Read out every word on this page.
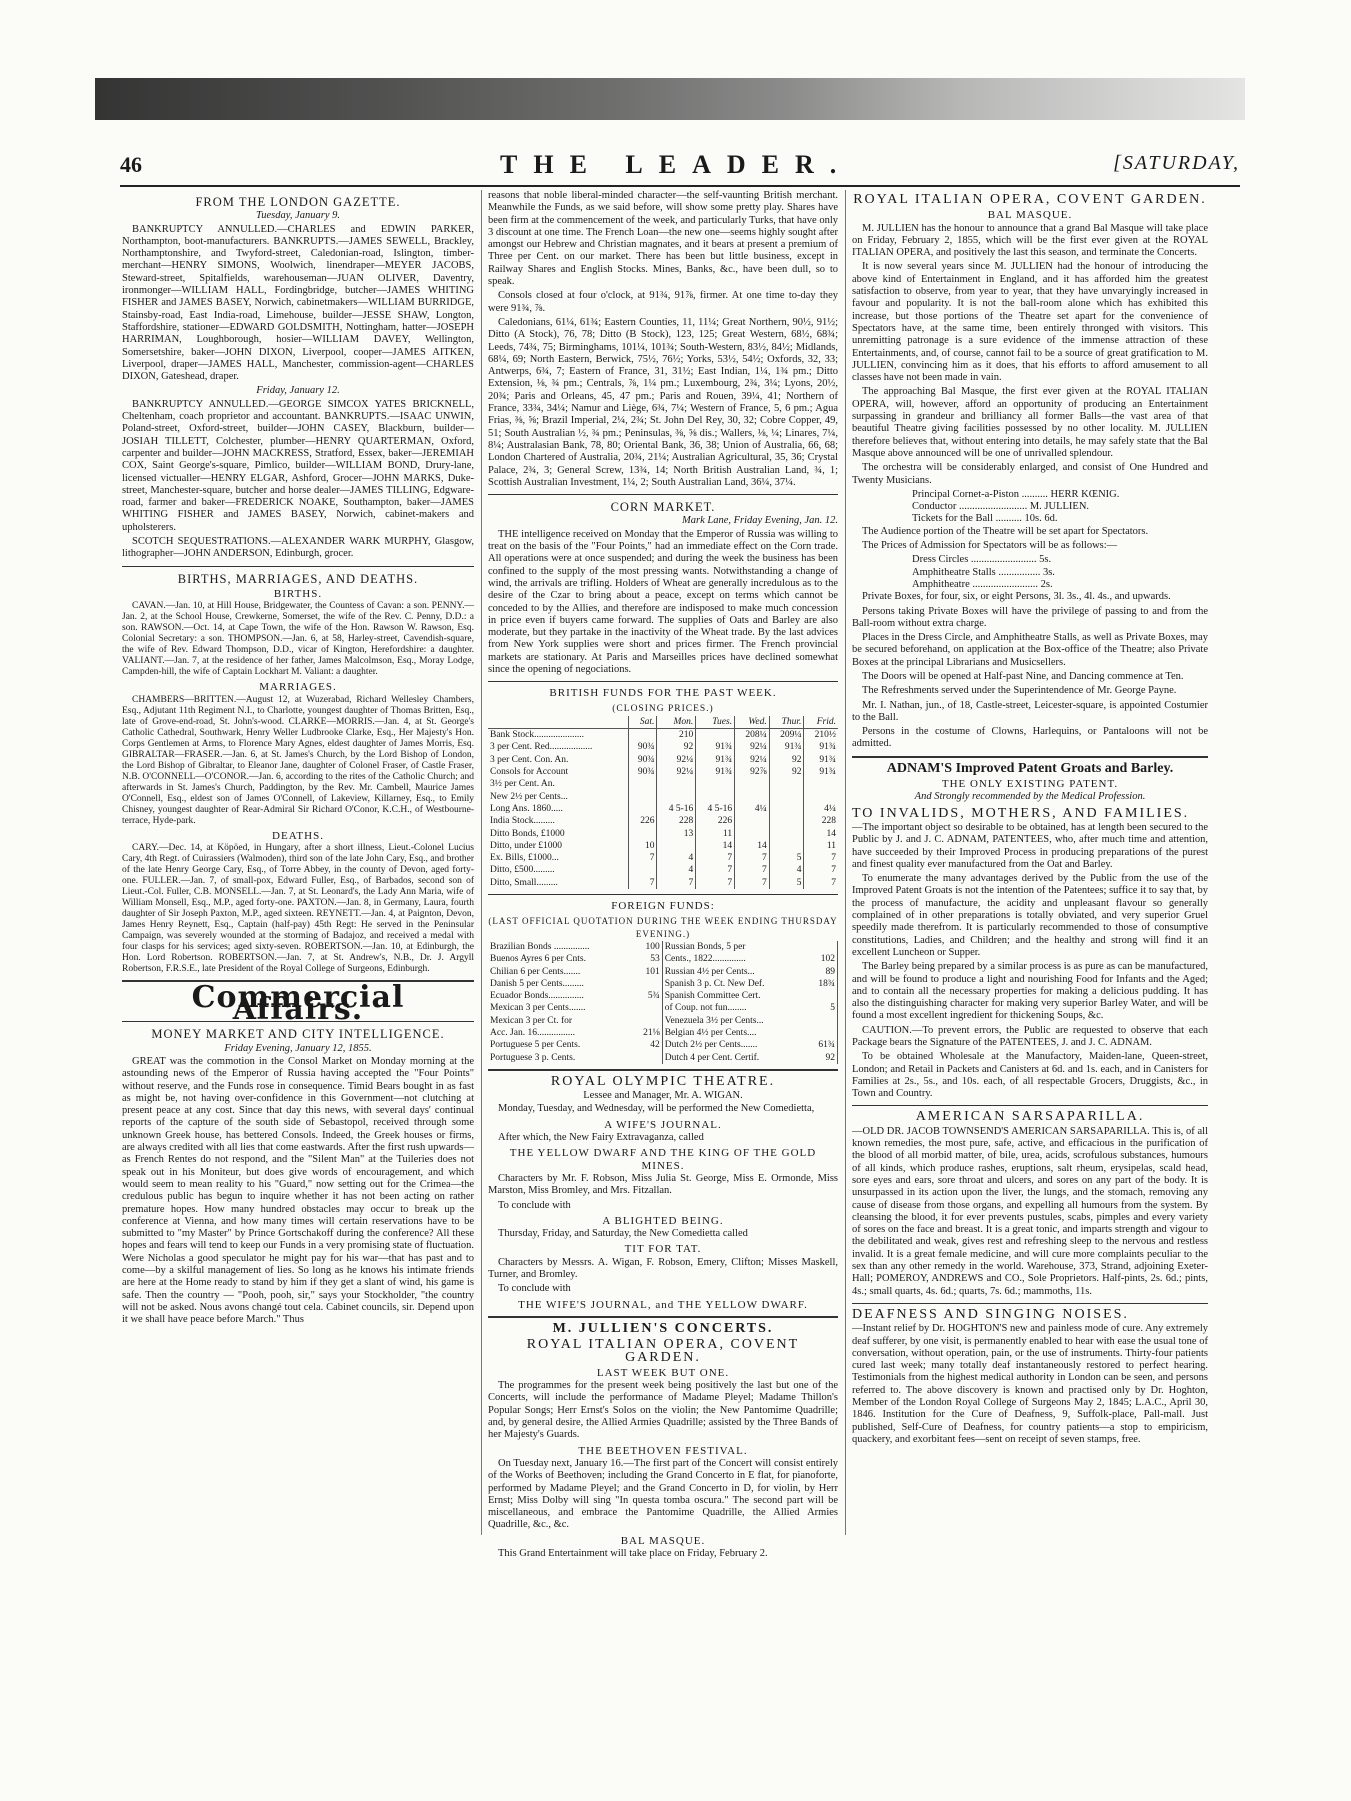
46	THE LEADER.	[SATURDAY,
FROM THE LONDON GAZETTE.
Tuesday, January 9.

BANKRUPTCY ANNULLED.—CHARLES and EDWIN PARKER, Northampton, boot-manufacturers. BANKRUPTS.—JAMES SEWELL, Brackley, Northamptonshire, and Twyford-street, Caledonian-road, Islington, timber-merchant—HENRY SIMONS, Woolwich, linendraper—MEYER JACOBS, Steward-street, Spitalfields, warehouseman—JUAN OLIVER, Daventry, ironmonger—WILLIAM HALL, Fordingbridge, butcher—JAMES WHITING FISHER and JAMES BASEY, Norwich, cabinetmakers—WILLIAM BURRIDGE, Stainsby-road, East India-road, Limehouse, builder—JESSE SHAW, Longton, Staffordshire, stationer—EDWARD GOLDSMITH, Nottingham, hatter—JOSEPH HARRIMAN, Loughborough, hosier—WILLIAM DAVEY, Wellington, Somersetshire, baker—JOHN DIXON, Liverpool, cooper—JAMES AITKEN, Liverpool, draper—JAMES HALL, Manchester, commission-agent—CHARLES DIXON, Gateshead, draper.

Friday, January 12.

BANKRUPTCY ANNULLED.—GEORGE SIMCOX YATES BRICKNELL, Cheltenham, coach proprietor and accountant. BANKRUPTS.—ISAAC UNWIN, Poland-street, Oxford-street, builder—JOHN CASEY, Blackburn, builder—JOSIAH TILLETT, Colchester, plumber—HENRY QUARTERMAN, Oxford, carpenter and builder—JOHN MACKRESS, Stratford, Essex, baker—JEREMIAH COX, Saint George's-square, Pimlico, builder—WILLIAM BOND, Drury-lane, licensed victualler—HENRY ELGAR, Ashford, Grocer—JOHN MARKS, Duke-street, Manchester-square, butcher and horse dealer—JAMES TILLING, Edgware-road, farmer and baker—FREDERICK NOAKE, Southampton, baker—JAMES WHITING FISHER and JAMES BASEY, Norwich, cabinet-makers and upholsterers.

SCOTCH SEQUESTRATIONS.—ALEXANDER WARK MURPHY, Glasgow, lithographer—JOHN ANDERSON, Edinburgh, grocer.

BIRTHS, MARRIAGES, AND DEATHS.
BIRTHS.

CAVAN.—Jan. 10, at Hill House, Bridgewater, the Countess of Cavan: a son. PENNY.—Jan. 2, at the School House, Crewkerne, Somerset, the wife of the Rev. C. Penny, D.D.: a son. RAWSON.—Oct. 14, at Cape Town, the wife of the Hon. Rawson W. Rawson, Esq. Colonial Secretary: a son. THOMPSON.—Jan. 6, at 58, Harley-street, Cavendish-square, the wife of Rev. Edward Thompson, D.D., vicar of Kington, Herefordshire: a daughter. VALIANT.—Jan. 7, at the residence of her father, James Malcolmson, Esq., Moray Lodge, Campden-hill, the wife of Captain Lockhart M. Valiant: a daughter.

MARRIAGES.

CHAMBERS—BRITTEN.—August 12, at Wuzerabad, Richard Wellesley Chambers, Esq., Adjutant 11th Regiment N.I., to Charlotte, youngest daughter of Thomas Britten, Esq., late of Grove-end-road, St. John's-wood. CLARKE—MORRIS.—Jan. 4, at St. George's Catholic Cathedral, Southwark, Henry Weller Ludbrooke Clarke, Esq., Her Majesty's Hon. Corps Gentlemen at Arms, to Florence Mary Agnes, eldest daughter of James Morris, Esq. GIBRALTAR—FRASER.—Jan. 6, at St. James's Church, by the Lord Bishop of London, the Lord Bishop of Gibraltar, to Eleanor Jane, daughter of Colonel Fraser, of Castle Fraser, N.B. O'CONNELL—O'CONOR.—Jan. 6, according to the rites of the Catholic Church; and afterwards in St. James's Church, Paddington, by the Rev. Mr. Cambell, Maurice James O'Connell, Esq., eldest son of James O'Connell, of Lakeview, Killarney, Esq., to Emily Chisney, youngest daughter of Rear-Admiral Sir Richard O'Conor, K.C.H., of Westbourne-terrace, Hyde-park.

DEATHS.

CARY.—Dec. 14, at Köpöed, in Hungary, after a short illness, Lieut.-Colonel Lucius Cary, 4th Regt. of Cuirassiers (Walmoden), third son of the late John Cary, Esq., and brother of the late Henry George Cary, Esq., of Torre Abbey, in the county of Devon, aged forty-one. FULLER.—Jan. 7, of small-pox, Edward Fuller, Esq., of Barbados, second son of Lieut.-Col. Fuller, C.B. MONSELL.—Jan. 7, at St. Leonard's, the Lady Ann Maria, wife of William Monsell, Esq., M.P., aged forty-one. PAXTON.—Jan. 8, in Germany, Laura, fourth daughter of Sir Joseph Paxton, M.P., aged sixteen. REYNETT.—Jan. 4, at Paignton, Devon, James Henry Reynett, Esq., Captain (half-pay) 45th Regt: He served in the Peninsular Campaign, was severely wounded at the storming of Badajoz, and received a medal with four clasps for his services; aged sixty-seven. ROBERTSON.—Jan. 10, at Edinburgh, the Hon. Lord Robertson. ROBERTSON.—Jan. 7, at St. Andrew's, N.B., Dr. J. Argyll Robertson, F.R.S.E., late President of the Royal College of Surgeons, Edinburgh.

Commercial Affairs.
MONEY MARKET AND CITY INTELLIGENCE.
Friday Evening, January 12, 1855.

GREAT was the commotion in the Consol Market on Monday morning at the astounding news of the Emperor of Russia having accepted the "Four Points" without reserve, and the Funds rose in consequence. Timid Bears bought in as fast as might be, not having over-confidence in this Government—not clutching at present peace at any cost. Since that day this news, with several days' continual reports of the capture of the south side of Sebastopol, received through some unknown Greek house, has bettered Consols. Indeed, the Greek houses or firms, are always credited with all lies that come eastwards. After the first rush upwards—as French Rentes do not respond, and the "Silent Man" at the Tuileries does not speak out in his Moniteur, but does give words of encouragement, and which would seem to mean reality to his "Guard," now setting out for the Crimea—the credulous public has begun to inquire whether it has not been acting on rather premature hopes. How many hundred obstacles may occur to break up the conference at Vienna, and how many times will certain reservations have to be submitted to "my Master" by Prince Gortschakoff during the conference? All these hopes and fears will tend to keep our Funds in a very promising state of fluctuation. Were Nicholas a good speculator he might pay for his war—that has past and to come—by a skilful management of lies. So long as he knows his intimate friends are here at the Home ready to stand by him if they get a slant of wind, his game is safe. Then the country — "Pooh, pooh, sir," says your Stockholder, "the country will not be asked. Nous avons changé tout cela. Cabinet councils, sir. Depend upon it we shall have peace before March." Thus

reasons that noble liberal-minded character—the self-vaunting British merchant. Meanwhile the Funds, as we said before, will show some pretty play. Shares have been firm at the commencement of the week, and particularly Turks, that have only 3 discount at one time. The French Loan—the new one—seems highly sought after amongst our Hebrew and Christian magnates, and it bears at present a premium of Three per Cent. on our market. There has been but little business, except in Railway Shares and English Stocks. Mines, Banks, &c., have been dull, so to speak.

Consols closed at four o'clock, at 91¾, 91⅞, firmer. At one time to-day they were 91¾, ⅞.

Caledonians, 61¼, 61¾; Eastern Counties, 11, 11¼; Great Northern, 90½, 91½; Ditto (A Stock), 76, 78; Ditto (B Stock), 123, 125; Great Western, 68½, 68¾; Leeds, 74¾, 75; Birminghams, 101¼, 101¾; South-Western, 83½, 84½; Midlands, 68¼, 69; North Eastern, Berwick, 75½, 76½; Yorks, 53½, 54½; Oxfords, 32, 33; Antwerps, 6¾, 7; Eastern of France, 31, 31½; East Indian, 1¼, 1¾ pm.; Ditto Extension, ⅛, ¾ pm.; Centrals, ⅞, 1¼ pm.; Luxembourg, 2¾, 3¼; Lyons, 20½, 20¾; Paris and Orleans, 45, 47 pm.; Paris and Rouen, 39¼, 41; Northern of France, 33¾, 34¼; Namur and Liège, 6¾, 7¼; Western of France, 5, 6 pm.; Agua Frias, ⅜, ⅝; Brazil Imperial, 2¼, 2¾; St. John Del Rey, 30, 32; Cobre Copper, 49, 51; South Australian ½, ¾ pm.; Peninsulas, ⅜, ⅝ dis.; Wallers, ⅛, ¼; Linares, 7¼, 8¼; Australasian Bank, 78, 80; Oriental Bank, 36, 38; Union of Australia, 66, 68; London Chartered of Australia, 20¾, 21¼; Australian Agricultural, 35, 36; Crystal Palace, 2¾, 3; General Screw, 13¾, 14; North British Australian Land, ¾, 1; Scottish Australian Investment, 1¼, 2; South Australian Land, 36¼, 37¼.

CORN MARKET.
Mark Lane, Friday Evening, Jan. 12.

THE intelligence received on Monday that the Emperor of Russia was willing to treat on the basis of the "Four Points," had an immediate effect on the Corn trade. All operations were at once suspended; and during the week the business has been confined to the supply of the most pressing wants. Notwithstanding a change of wind, the arrivals are trifling. Holders of Wheat are generally incredulous as to the desire of the Czar to bring about a peace, except on terms which cannot be conceded to by the Allies, and therefore are indisposed to make much concession in price even if buyers came forward. The supplies of Oats and Barley are also moderate, but they partake in the inactivity of the Wheat trade. By the last advices from New York supplies were short and prices firmer. The French provincial markets are stationary. At Paris and Marseilles prices have declined somewhat since the opening of negociations.

BRITISH FUNDS FOR THE PAST WEEK.
(CLOSING PRICES.)
	Sat.	Mon.	Tues.	Wed.	Thur.	Frid.
Bank Stock.....................		210		208¼	209¼	210½
3 per Cent. Red..................	90¾	92	91¾	92¼	91¾	91¾
3 per Cent. Con. An.	90¾	92¼	91¾	92¼	92	91¾
Consols for Account	90¾	92¼	91¾	92⅞	92	91¾
3½ per Cent. An.						
New 2½ per Cents...						
Long Ans. 1860.....		4 5-16	4 5-16	4¼		4¼
India Stock.........	226	228	226			228
Ditto Bonds, £1000		13	11			14
Ditto, under £1000	10		14	14		11
Ex. Bills, £1000...	7	4	7	7	5	7
Ditto, £500.........		4	7	7	4	7
Ditto, Small.........	7	7	7	7	5	7
FOREIGN FUNDS:
(LAST OFFICIAL QUOTATION DURING THE WEEK ENDING THURSDAY EVENING.)
Brazilian Bonds ...............	100	Russian Bonds, 5 per	
Buenos Ayres 6 per Cnts.	53	Cents., 1822..............	102
Chilian 6 per Cents.......	101	Russian 4½ per Cents...	89
Danish 5 per Cents.........		Spanish 3 p. Ct. New Def.	18¾
Ecuador Bonds...............	5¾	Spanish Committee Cert.	
Mexican 3 per Cents.......		of Coup. not fun........	5
Mexican 3 per Ct. for		Venezuela 3½ per Cents...	
Acc. Jan. 16................	21⅛	Belgian 4½ per Cents....	
Portuguese 5 per Cents.	42	Dutch 2½ per Cents.......	61¾
Portuguese 3 p. Cents.		Dutch 4 per Cent. Certif.	92
ROYAL OLYMPIC THEATRE.
Lessee and Manager, Mr. A. WIGAN.

Monday, Tuesday, and Wednesday, will be performed the New Comedietta,

A WIFE'S JOURNAL.

After which, the New Fairy Extravaganza, called

THE YELLOW DWARF AND THE KING OF THE GOLD MINES.

Characters by Mr. F. Robson, Miss Julia St. George, Miss E. Ormonde, Miss Marston, Miss Bromley, and Mrs. Fitzallan.

To conclude with

A BLIGHTED BEING.

Thursday, Friday, and Saturday, the New Comedietta called

TIT FOR TAT.

Characters by Messrs. A. Wigan, F. Robson, Emery, Clifton; Misses Maskell, Turner, and Bromley.

To conclude with

THE WIFE'S JOURNAL, and THE YELLOW DWARF.
M. JULLIEN'S CONCERTS.
ROYAL ITALIAN OPERA, COVENT GARDEN.
LAST WEEK BUT ONE.

The programmes for the present week being positively the last but one of the Concerts, will include the performance of Madame Pleyel; Madame Thillon's Popular Songs; Herr Ernst's Solos on the violin; the New Pantomime Quadrille; and, by general desire, the Allied Armies Quadrille; assisted by the Three Bands of her Majesty's Guards.

THE BEETHOVEN FESTIVAL.

On Tuesday next, January 16.—The first part of the Concert will consist entirely of the Works of Beethoven; including the Grand Concerto in E flat, for pianoforte, performed by Madame Pleyel; and the Grand Concerto in D, for violin, by Herr Ernst; Miss Dolby will sing "In questa tomba oscura." The second part will be miscellaneous, and embrace the Pantomime Quadrille, the Allied Armies Quadrille, &c., &c.

BAL MASQUE.

This Grand Entertainment will take place on Friday, February 2.

ROYAL ITALIAN OPERA, COVENT GARDEN.
BAL MASQUE.

M. JULLIEN has the honour to announce that a grand Bal Masque will take place on Friday, February 2, 1855, which will be the first ever given at the ROYAL ITALIAN OPERA, and positively the last this season, and terminate the Concerts.

It is now several years since M. JULLIEN had the honour of introducing the above kind of Entertainment in England, and it has afforded him the greatest satisfaction to observe, from year to year, that they have unvaryingly increased in favour and popularity. It is not the ball-room alone which has exhibited this increase, but those portions of the Theatre set apart for the convenience of Spectators have, at the same time, been entirely thronged with visitors. This unremitting patronage is a sure evidence of the immense attraction of these Entertainments, and, of course, cannot fail to be a source of great gratification to M. JULLIEN, convincing him as it does, that his efforts to afford amusement to all classes have not been made in vain.

The approaching Bal Masque, the first ever given at the ROYAL ITALIAN OPERA, will, however, afford an opportunity of producing an Entertainment surpassing in grandeur and brilliancy all former Balls—the vast area of that beautiful Theatre giving facilities possessed by no other locality. M. JULLIEN therefore believes that, without entering into details, he may safely state that the Bal Masque above announced will be one of unrivalled splendour.

The orchestra will be considerably enlarged, and consist of One Hundred and Twenty Musicians.

Principal Cornet-a-Piston .......... HERR KŒNIG.
Conductor .......................... M. JULLIEN.
Tickets for the Ball .......... 10s. 6d.

The Audience portion of the Theatre will be set apart for Spectators.

The Prices of Admission for Spectators will be as follows:—

Dress Circles ......................... 5s.
Amphitheatre Stalls ................ 3s.
Amphitheatre ......................... 2s.

Private Boxes, for four, six, or eight Persons, 3l. 3s., 4l. 4s., and upwards.

Persons taking Private Boxes will have the privilege of passing to and from the Ball-room without extra charge.

Places in the Dress Circle, and Amphitheatre Stalls, as well as Private Boxes, may be secured beforehand, on application at the Box-office of the Theatre; also Private Boxes at the principal Librarians and Musicsellers.

The Doors will be opened at Half-past Nine, and Dancing commence at Ten.

The Refreshments served under the Superintendence of Mr. George Payne.

Mr. I. Nathan, jun., of 18, Castle-street, Leicester-square, is appointed Costumier to the Ball.

Persons in the costume of Clowns, Harlequins, or Pantaloons will not be admitted.

ADNAM'S Improved Patent Groats and Barley.
THE ONLY EXISTING PATENT.
And Strongly recommended by the Medical Profession.
TO INVALIDS, MOTHERS, AND FAMILIES.

—The important object so desirable to be obtained, has at length been secured to the Public by J. and J. C. ADNAM, PATENTEES, who, after much time and attention, have succeeded by their Improved Process in producing preparations of the purest and finest quality ever manufactured from the Oat and Barley.

To enumerate the many advantages derived by the Public from the use of the Improved Patent Groats is not the intention of the Patentees; suffice it to say that, by the process of manufacture, the acidity and unpleasant flavour so generally complained of in other preparations is totally obviated, and very superior Gruel speedily made therefrom. It is particularly recommended to those of consumptive constitutions, Ladies, and Children; and the healthy and strong will find it an excellent Luncheon or Supper.

The Barley being prepared by a similar process is as pure as can be manufactured, and will be found to produce a light and nourishing Food for Infants and the Aged; and to contain all the necessary properties for making a delicious pudding. It has also the distinguishing character for making very superior Barley Water, and will be found a most excellent ingredient for thickening Soups, &c.

CAUTION.—To prevent errors, the Public are requested to observe that each Package bears the Signature of the PATENTEES, J. and J. C. ADNAM.

To be obtained Wholesale at the Manufactory, Maiden-lane, Queen-street, London; and Retail in Packets and Canisters at 6d. and 1s. each, and in Canisters for Families at 2s., 5s., and 10s. each, of all respectable Grocers, Druggists, &c., in Town and Country.

AMERICAN SARSAPARILLA.

—OLD DR. JACOB TOWNSEND'S AMERICAN SARSAPARILLA. This is, of all known remedies, the most pure, safe, active, and efficacious in the purification of the blood of all morbid matter, of bile, urea, acids, scrofulous substances, humours of all kinds, which produce rashes, eruptions, salt rheum, erysipelas, scald head, sore eyes and ears, sore throat and ulcers, and sores on any part of the body. It is unsurpassed in its action upon the liver, the lungs, and the stomach, removing any cause of disease from those organs, and expelling all humours from the system. By cleansing the blood, it for ever prevents pustules, scabs, pimples and every variety of sores on the face and breast. It is a great tonic, and imparts strength and vigour to the debilitated and weak, gives rest and refreshing sleep to the nervous and restless invalid. It is a great female medicine, and will cure more complaints peculiar to the sex than any other remedy in the world. Warehouse, 373, Strand, adjoining Exeter-Hall; POMEROY, ANDREWS and CO., Sole Proprietors. Half-pints, 2s. 6d.; pints, 4s.; small quarts, 4s. 6d.; quarts, 7s. 6d.; mammoths, 11s.

DEAFNESS AND SINGING NOISES.

—Instant relief by Dr. HOGHTON'S new and painless mode of cure. Any extremely deaf sufferer, by one visit, is permanently enabled to hear with ease the usual tone of conversation, without operation, pain, or the use of instruments. Thirty-four patients cured last week; many totally deaf instantaneously restored to perfect hearing. Testimonials from the highest medical authority in London can be seen, and persons referred to. The above discovery is known and practised only by Dr. Hoghton, Member of the London Royal College of Surgeons May 2, 1845; L.A.C., April 30, 1846. Institution for the Cure of Deafness, 9, Suffolk-place, Pall-mall. Just published, Self-Cure of Deafness, for country patients—a stop to empiricism, quackery, and exorbitant fees—sent on receipt of seven stamps, free.
